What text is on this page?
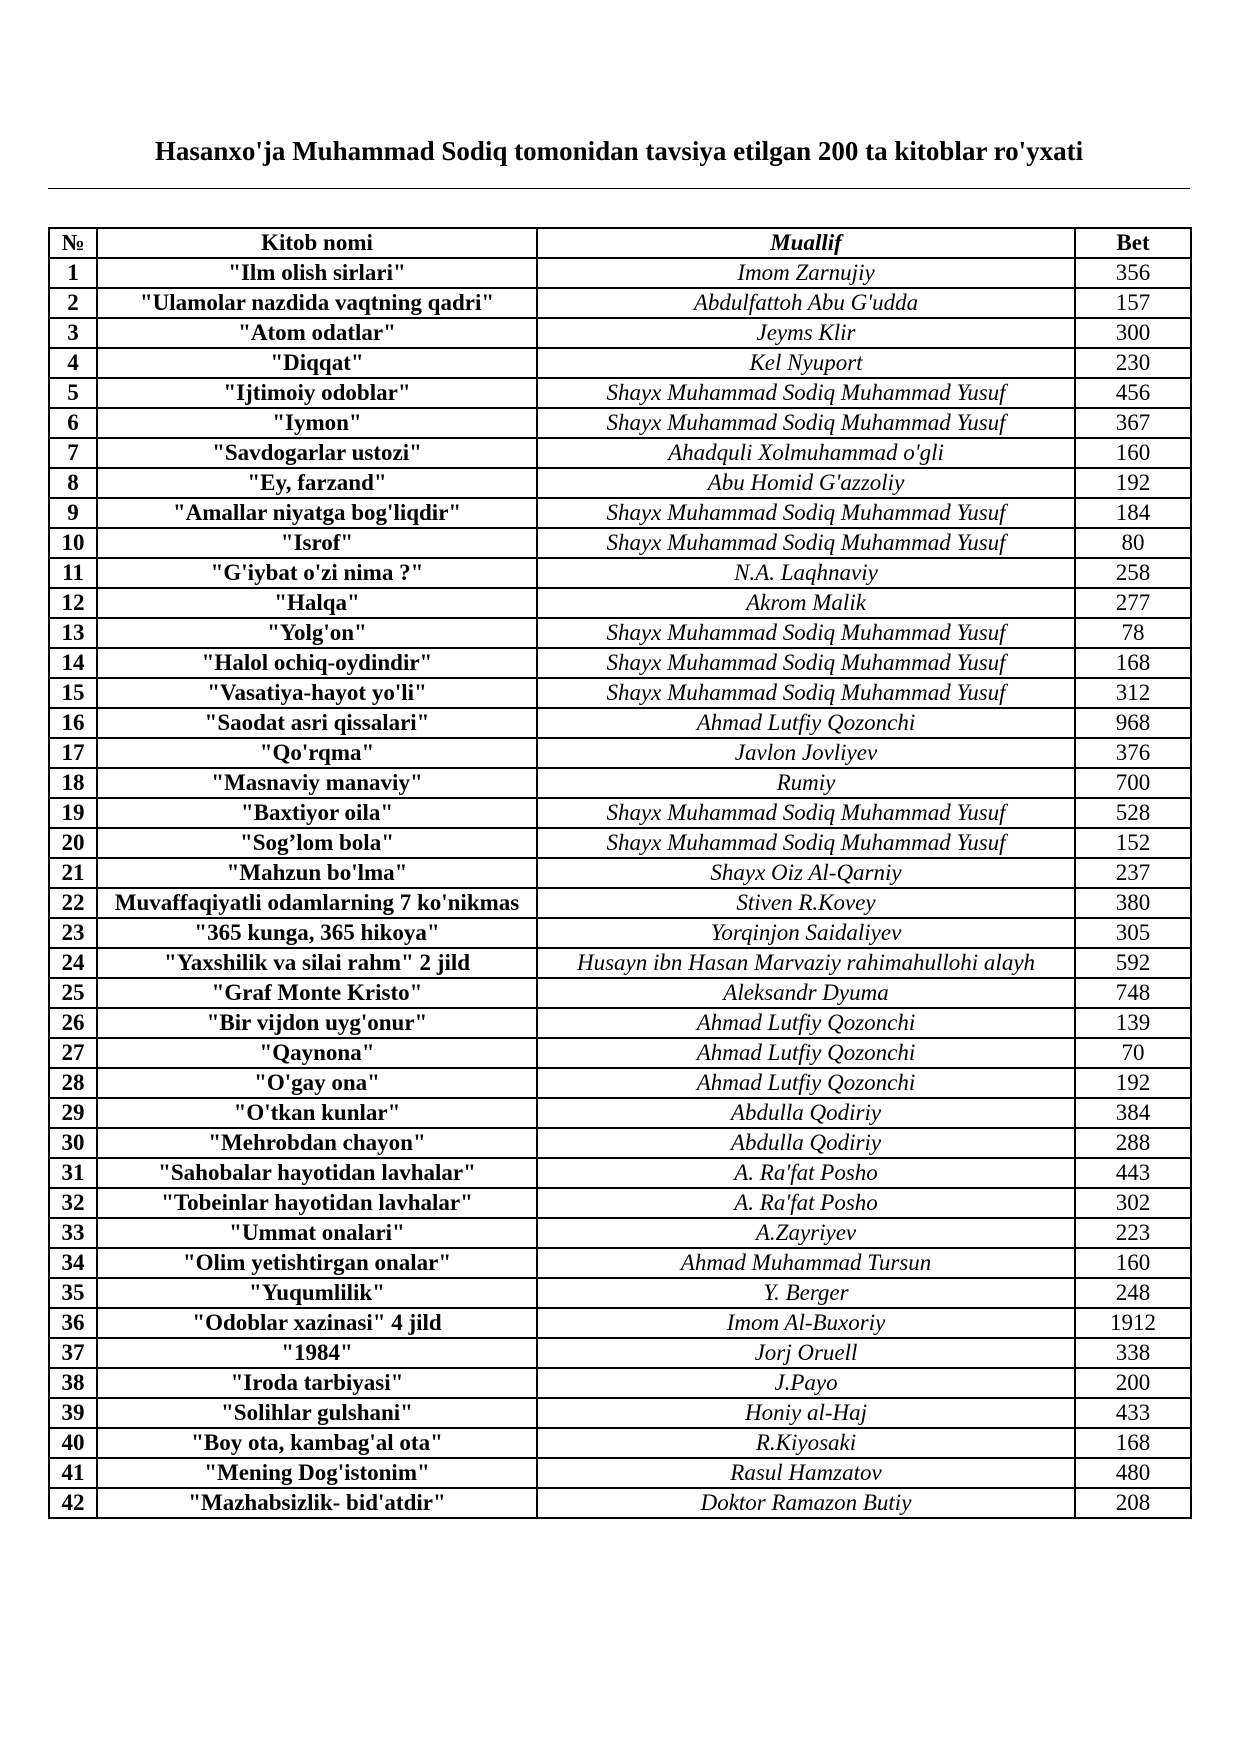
Hasanxo'ja Muhammad Sodiq tomonidan tavsiya etilgan 200 ta kitoblar ro'yxati
№	Kitob nomi	Muallif	Bet
1	"Ilm olish sirlari"	Imom Zarnujiy	356
2	"Ulamolar nazdida vaqtning qadri"	Abdulfattoh Abu G'udda	157
3	"Atom odatlar"	Jeyms Klir	300
4	"Diqqat"	Kel Nyuport	230
5	"Ijtimoiy odoblar"	Shayx Muhammad Sodiq Muhammad Yusuf	456
6	"Iymon"	Shayx Muhammad Sodiq Muhammad Yusuf	367
7	"Savdogarlar ustozi"	Ahadquli Xolmuhammad o'gli	160
8	"Ey, farzand"	Abu Homid G'azzoliy	192
9	"Amallar niyatga bog'liqdir"	Shayx Muhammad Sodiq Muhammad Yusuf	184
10	"Isrof"	Shayx Muhammad Sodiq Muhammad Yusuf	80
11	"G'iybat o'zi nima ?"	N.A. Laqhnaviy	258
12	"Halqa"	Akrom Malik	277
13	"Yolg'on"	Shayx Muhammad Sodiq Muhammad Yusuf	78
14	"Halol ochiq-oydindir"	Shayx Muhammad Sodiq Muhammad Yusuf	168
15	"Vasatiya-hayot yo'li"	Shayx Muhammad Sodiq Muhammad Yusuf	312
16	"Saodat asri qissalari"	Ahmad Lutfiy Qozonchi	968
17	"Qo'rqma"	Javlon Jovliyev	376
18	"Masnaviy manaviy"	Rumiy	700
19	"Baxtiyor oila"	Shayx Muhammad Sodiq Muhammad Yusuf	528
20	"Sog’lom bola"	Shayx Muhammad Sodiq Muhammad Yusuf	152
21	"Mahzun bo'lma"	Shayx Oiz Al-Qarniy	237
22	Muvaffaqiyatli odamlarning 7 ko'nikmas	Stiven R.Kovey	380
23	"365 kunga, 365 hikoya"	Yorqinjon Saidaliyev	305
24	"Yaxshilik va silai rahm" 2 jild	Husayn ibn Hasan Marvaziy rahimahullohi alayh	592
25	"Graf Monte Kristo"	Aleksandr Dyuma	748
26	"Bir vijdon uyg'onur"	Ahmad Lutfiy Qozonchi	139
27	"Qaynona"	Ahmad Lutfiy Qozonchi	70
28	"O'gay ona"	Ahmad Lutfiy Qozonchi	192
29	"O'tkan kunlar"	Abdulla Qodiriy	384
30	"Mehrobdan chayon"	Abdulla Qodiriy	288
31	"Sahobalar hayotidan lavhalar"	A. Ra'fat Posho	443
32	"Tobeinlar hayotidan lavhalar"	A. Ra'fat Posho	302
33	"Ummat onalari"	A.Zayriyev	223
34	"Olim yetishtirgan onalar"	Ahmad Muhammad Tursun	160
35	"Yuqumlilik"	Y. Berger	248
36	"Odoblar xazinasi" 4 jild	Imom Al-Buxoriy	1912
37	"1984"	Jorj Oruell	338
38	"Iroda tarbiyasi"	J.Payo	200
39	"Solihlar gulshani"	Honiy al-Haj	433
40	"Boy ota, kambag'al ota"	R.Kiyosaki	168
41	"Mening Dog'istonim"	Rasul Hamzatov	480
42	"Mazhabsizlik- bid'atdir"	Doktor Ramazon Butiy	208
